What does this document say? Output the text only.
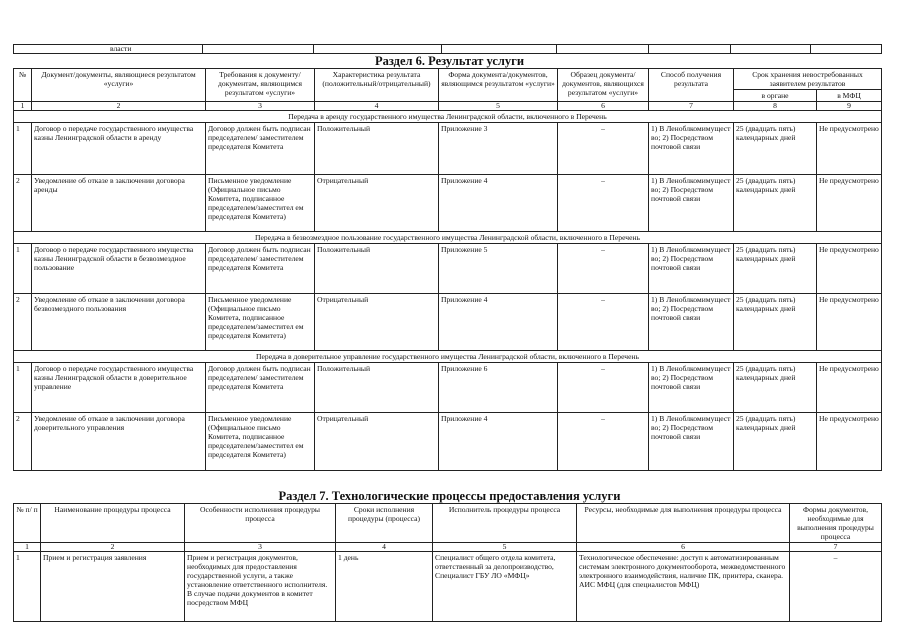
власти							
Раздел 6. Результат услуги
№	Документ/документы, являющиеся результатом «услуги»	Требования к документу/документам, являющимся результатом «услуги»	Характеристика результата (положительный/отрицательный)	Форма документа/документов, являющимся результатом «услуги»	Образец документа/ документов, являющихся результатом «услуги»	Способ получения результата	Срок хранения невостребованных заявителем результатов	
							в органе	в МФЦ
1	2	3	4	5	6	7	8	9
Передача в аренду государственного имущества Ленинградской области, включенного в Перечень								
1	Договор о передаче государственного имущества казны Ленинградской области в аренду	Договор должен быть подписан председателем/ заместителем председателя Комитета	Положительный	Приложение 3	–	1) В Леноблкомимущест во; 2) Посредством почтовой связи	25 (двадцать пять) календарных дней	Не предусмотрено
2	Уведомление об отказе в заключении договора аренды	Письменное уведомление (Официальное письмо Комитета, подписанное председателем/заместител ем председателя Комитета)	Отрицательный	Приложение 4	–	1) В Леноблкомимущест во; 2) Посредством почтовой связи	25 (двадцать пять) календарных дней	Не предусмотрено
Передача в безвозмездное пользование государственного имущества Ленинградской области, включенного в Перечень								
1	Договор о передаче государственного имущества казны Ленинградской области в безвозмездное пользование	Договор должен быть подписан председателем/ заместителем председателя Комитета	Положительный	Приложение 5	–	1) В Леноблкомимущест во; 2) Посредством почтовой связи	25 (двадцать пять) календарных дней	Не предусмотрено
2	Уведомление об отказе в заключении договора безвозмездного пользования	Письменное уведомление (Официальное письмо Комитета, подписанное председателем/заместител ем председателя Комитета)	Отрицательный	Приложение 4	–	1) В Леноблкомимущест во; 2) Посредством почтовой связи	25 (двадцать пять) календарных дней	Не предусмотрено
Передача в доверительное управление государственного имущества Ленинградской области, включенного в Перечень								
1	Договор о передаче государственного имущества казны Ленинградской области в доверительное управление	Договор должен быть подписан председателем/ заместителем председателя Комитета	Положительный	Приложение 6	–	1) В Леноблкомимущест во; 2) Посредством почтовой связи	25 (двадцать пять) календарных дней	Не предусмотрено
2	Уведомление об отказе в заключении договора доверительного управления	Письменное уведомление (Официальное письмо Комитета, подписанное председателем/заместител ем председателя Комитета)	Отрицательный	Приложение 4	–	1) В Леноблкомимущест во; 2) Посредством почтовой связи	25 (двадцать пять) календарных дней	Не предусмотрено
Раздел 7. Технологические процессы предоставления услуги
№ п/ п	Наименование процедуры процесса	Особенности исполнения процедуры процесса	Сроки исполнения процедуры (процесса)	Исполнитель процедуры процесса	Ресурсы, необходимые для выполнения процедуры процесса	Формы документов, необходимые для выполнения процедуры процесса
1	2	3	4	5	6	7
1	Прием и регистрация заявления	Прием и регистрация документов, необходимых для предоставления государственной услуги, а также установление ответственного исполнителя. В случае подачи документов в комитет посредством МФЦ	1 день	Специалист общего отдела комитета, ответственный за делопроизводство, Специалист ГБУ ЛО «МФЦ»	Технологическое обеспечение: доступ к автоматизированным системам электронного документооборота, межведомственного электронного взаимодействия, наличие ПК, принтера, сканера. АИС МФЦ (для специалистов МФЦ)	–
